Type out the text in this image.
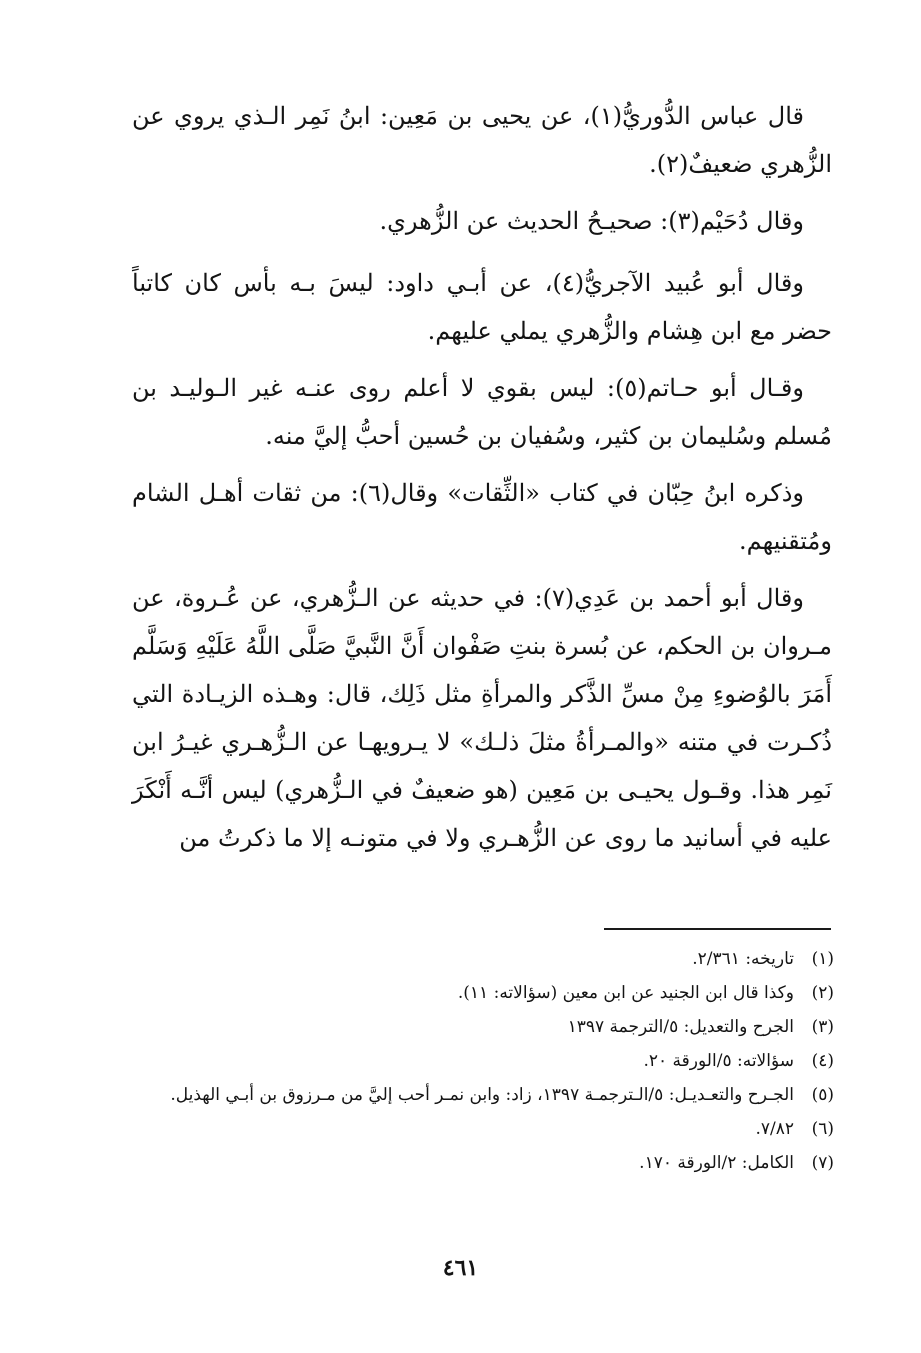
قال عباس الدُّوريُّ(١)، عن يحيى بن مَعِين: ابنُ نَمِر الـذي يروي عن الزُّهري ضعيفٌ(٢).

وقال دُحَيْم(٣): صحيـحُ الحديث عن الزُّهري.

وقال أبو عُبيد الآجريُّ(٤)، عن أبـي داود: ليسَ بـه بأس كان كاتباً حضر مع ابن هِشام والزُّهري يملي عليهم.

وقـال أبو حـاتم(٥): ليس بقوي لا أعلم روى عنـه غير الـوليـد بن مُسلم وسُليمان بن كثير، وسُفيان بن حُسين أحبُّ إليَّ منه.

وذكره ابنُ حِبّان في كتاب «الثِّقات» وقال(٦): من ثقات أهـل الشام ومُتقنيهم.

وقال أبو أحمد بن عَدِي(٧): في حديثه عن الـزُّهري، عن عُـروة، عن مـروان بن الحكم، عن بُسرة بنتِ صَفْوان أَنَّ النَّبيَّ صَلَّى اللَّهُ عَلَيْهِ وَسَلَّم أَمَرَ بالوُضوءِ مِنْ مسِّ الذَّكر والمرأةِ مثل ذَلِك، قال: وهـذه الزيـادة التي ذُكـرت في متنه «والمـرأةُ مثلَ ذلـك» لا يـرويهـا عن الـزُّهـري غيـرُ ابن نَمِر هذا. وقـول يحيـى بن مَعِين (هو ضعيفٌ في الـزُّهري) ليس أنَّـه أَنْكَرَ عليه في أسانيد ما روى عن الزُّهـري ولا في متونـه إلا ما ذكرتُ من

(١)
تاريخه: ٢/٣٦١.
(٢)
وكذا قال ابن الجنيد عن ابن معين (سؤالاته: ١١).
(٣)
الجرح والتعديل: ٥/الترجمة ١٣٩٧
(٤)
سؤالاته: ٥/الورقة ٢٠.
(٥)
الجـرح والتعـديـل: ٥/الـترجمـة ١٣٩٧، زاد: وابن نمـر أحب إليَّ من مـرزوق بن أبـي الهذيل.
(٦)
٧/٨٢.
(٧)
الكامل: ٢/الورقة ١٧٠.
٤٦١
